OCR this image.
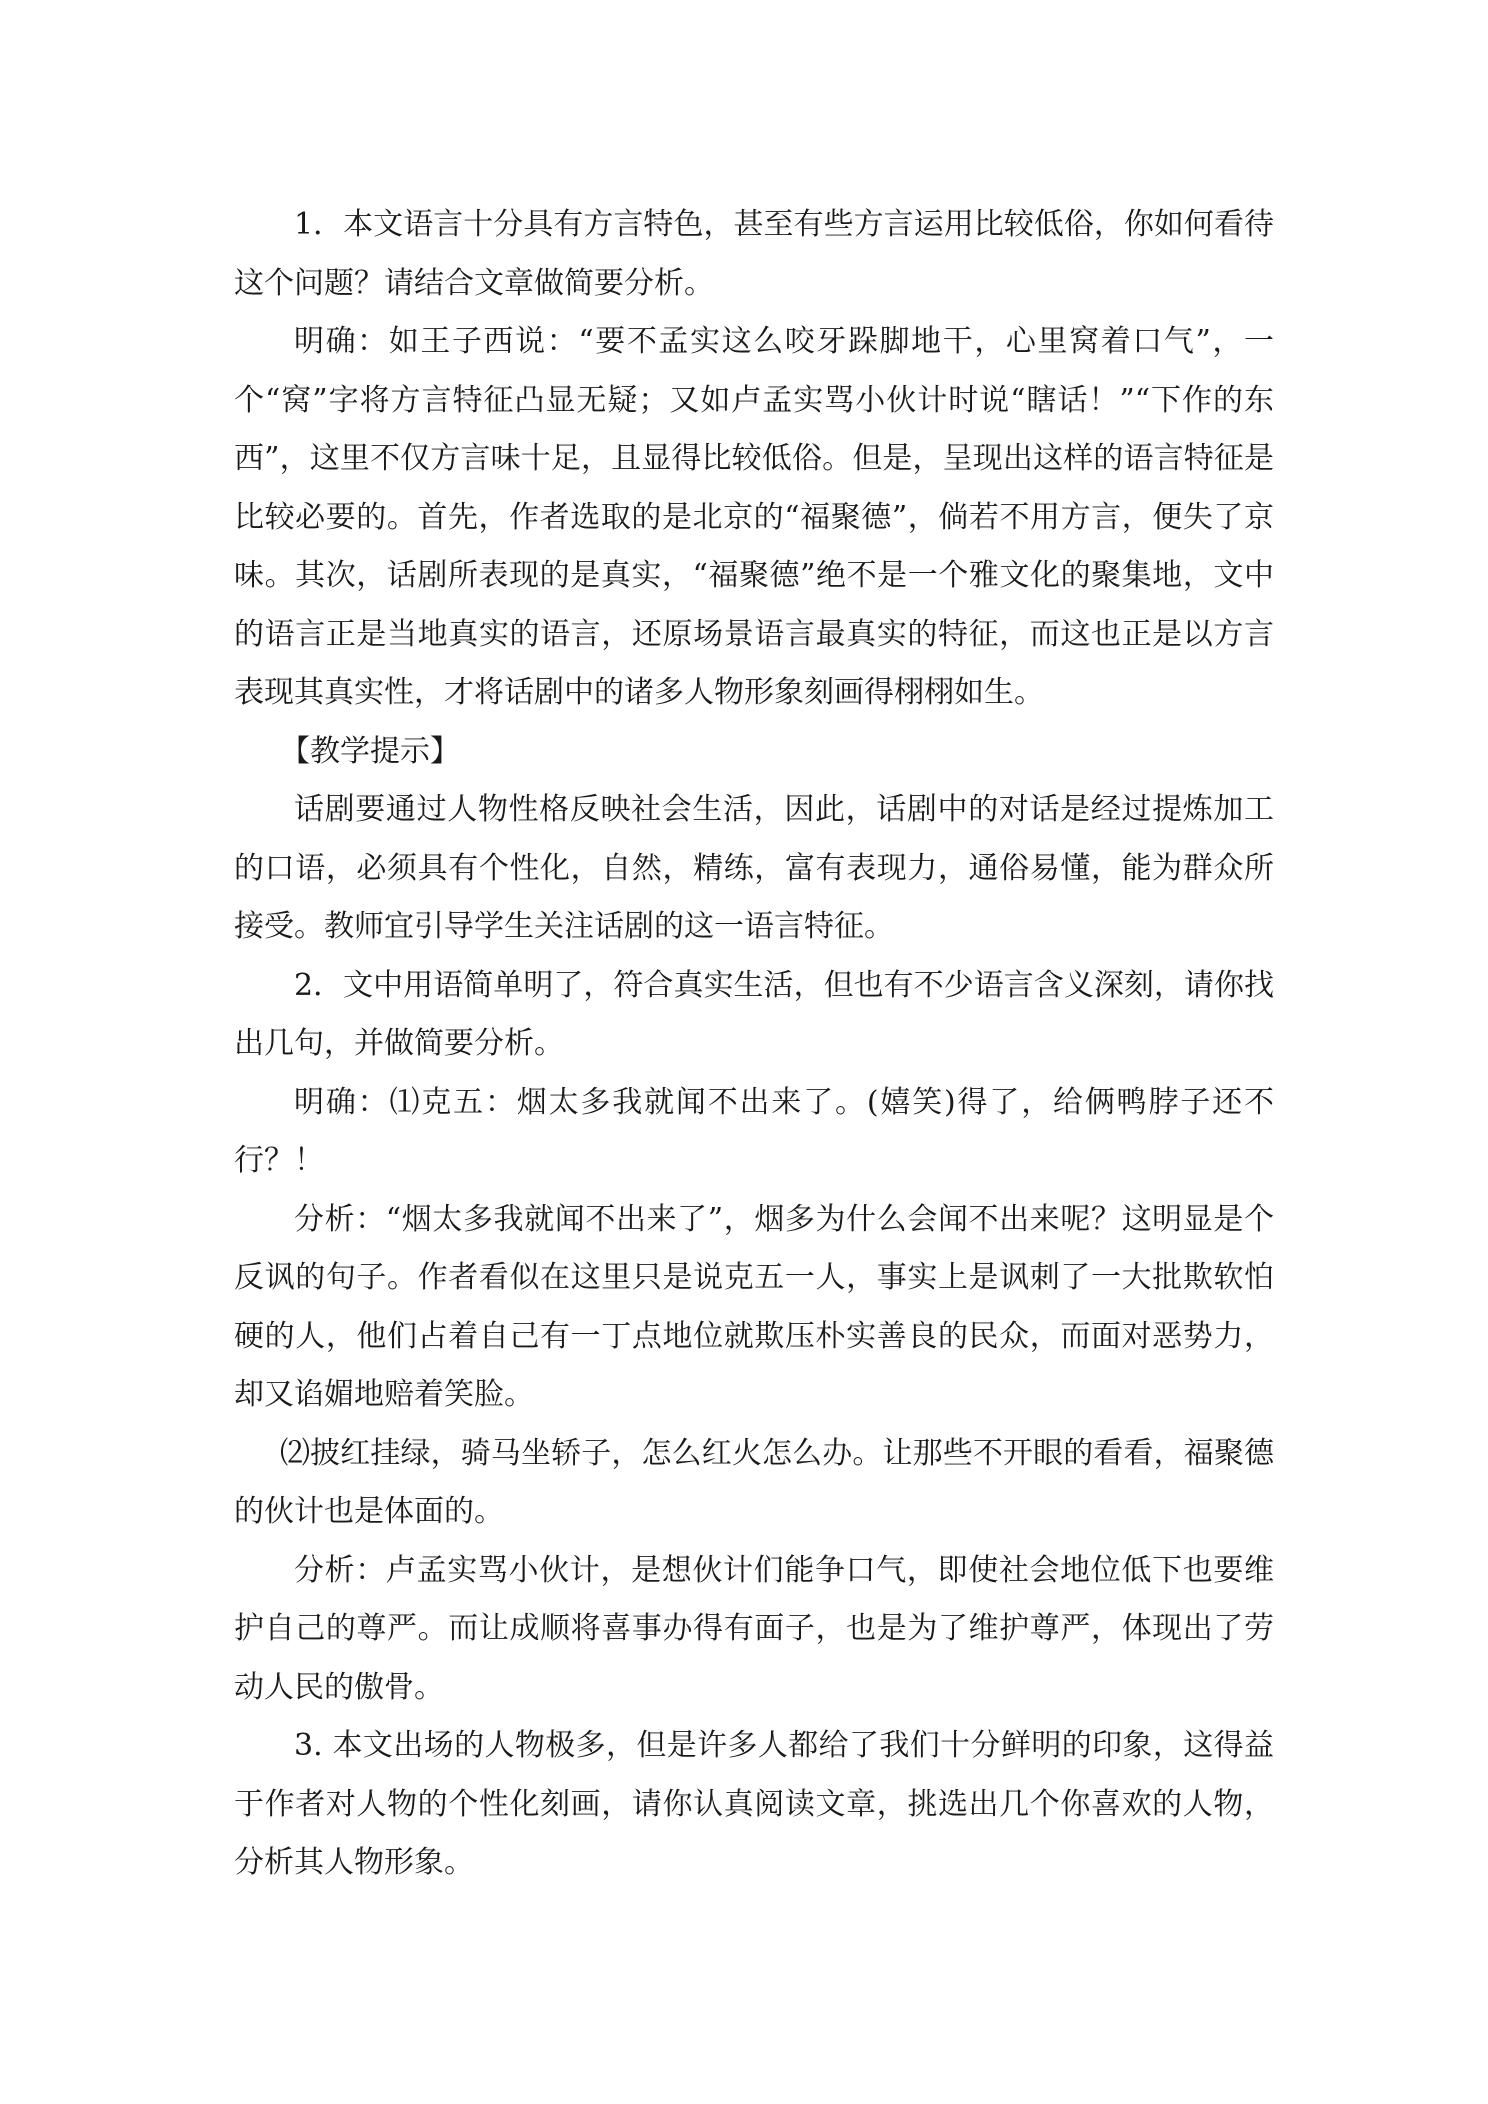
1．本文语言十分具有方言特色，甚至有些方言运用比较低俗，你如何看待这个问题？请结合文章做简要分析。

明确：如王子西说：“要不孟实这么咬牙跺脚地干，心里窝着口气”，一个“窝”字将方言特征凸显无疑；又如卢孟实骂小伙计时说“瞎话！”“下作的东西”，这里不仅方言味十足，且显得比较低俗。但是，呈现出这样的语言特征是比较必要的。首先，作者选取的是北京的“福聚德”，倘若不用方言，便失了京味。其次，话剧所表现的是真实，“福聚德”绝不是一个雅文化的聚集地，文中的语言正是当地真实的语言，还原场景语言最真实的特征，而这也正是以方言表现其真实性，才将话剧中的诸多人物形象刻画得栩栩如生。

【教学提示】

话剧要通过人物性格反映社会生活，因此，话剧中的对话是经过提炼加工的口语，必须具有个性化，自然，精练，富有表现力，通俗易懂，能为群众所接受。教师宜引导学生关注话剧的这一语言特征。

2．文中用语简单明了，符合真实生活，但也有不少语言含义深刻，请你找出几句，并做简要分析。

明确：⑴克五：烟太多我就闻不出来了。(嬉笑)得了，给俩鸭脖子还不行？！

分析：“烟太多我就闻不出来了”，烟多为什么会闻不出来呢？这明显是个反讽的句子。作者看似在这里只是说克五一人，事实上是讽刺了一大批欺软怕硬的人，他们占着自己有一丁点地位就欺压朴实善良的民众，而面对恶势力，却又谄媚地赔着笑脸。

⑵披红挂绿，骑马坐轿子，怎么红火怎么办。让那些不开眼的看看，福聚德的伙计也是体面的。

分析：卢孟实骂小伙计，是想伙计们能争口气，即使社会地位低下也要维护自己的尊严。而让成顺将喜事办得有面子，也是为了维护尊严，体现出了劳动人民的傲骨。

3. 本文出场的人物极多，但是许多人都给了我们十分鲜明的印象，这得益于作者对人物的个性化刻画，请你认真阅读文章，挑选出几个你喜欢的人物，分析其人物形象。
